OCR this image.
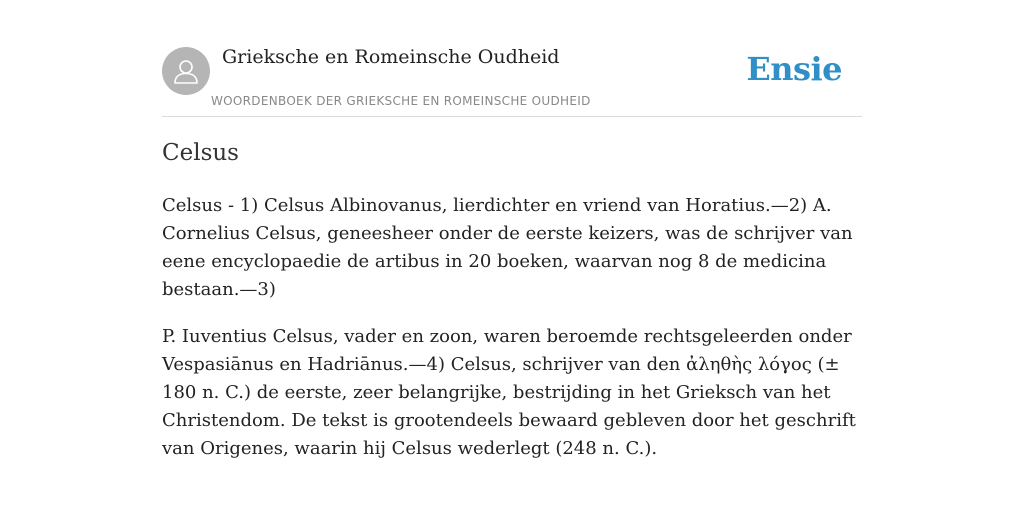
Grieksche en Romeinsche Oudheid
WOORDENBOEK DER GRIEKSCHE EN ROMEINSCHE OUDHEID
Ensie
Celsus

Celsus - 1) Celsus Albinovanus, lierdichter en vriend van Horatius.—2) A. Cornelius Celsus, geneesheer onder de eerste keizers, was de schrijver van eene encyclopaedie de artibus in 20 boeken, waarvan nog 8 de medicina bestaan.—3)

P. Iuventius Celsus, vader en zoon, waren beroemde rechtsgeleerden onder Vespasiānus en Hadriānus.—4) Celsus, schrijver van den ἀληθὴς λόγος (± 180 n. C.) de eerste, zeer belangrijke, bestrijding in het Grieksch van het Christendom. De tekst is grootendeels bewaard gebleven door het geschrift van Origenes, waarin hij Celsus wederlegt (248 n. C.).
